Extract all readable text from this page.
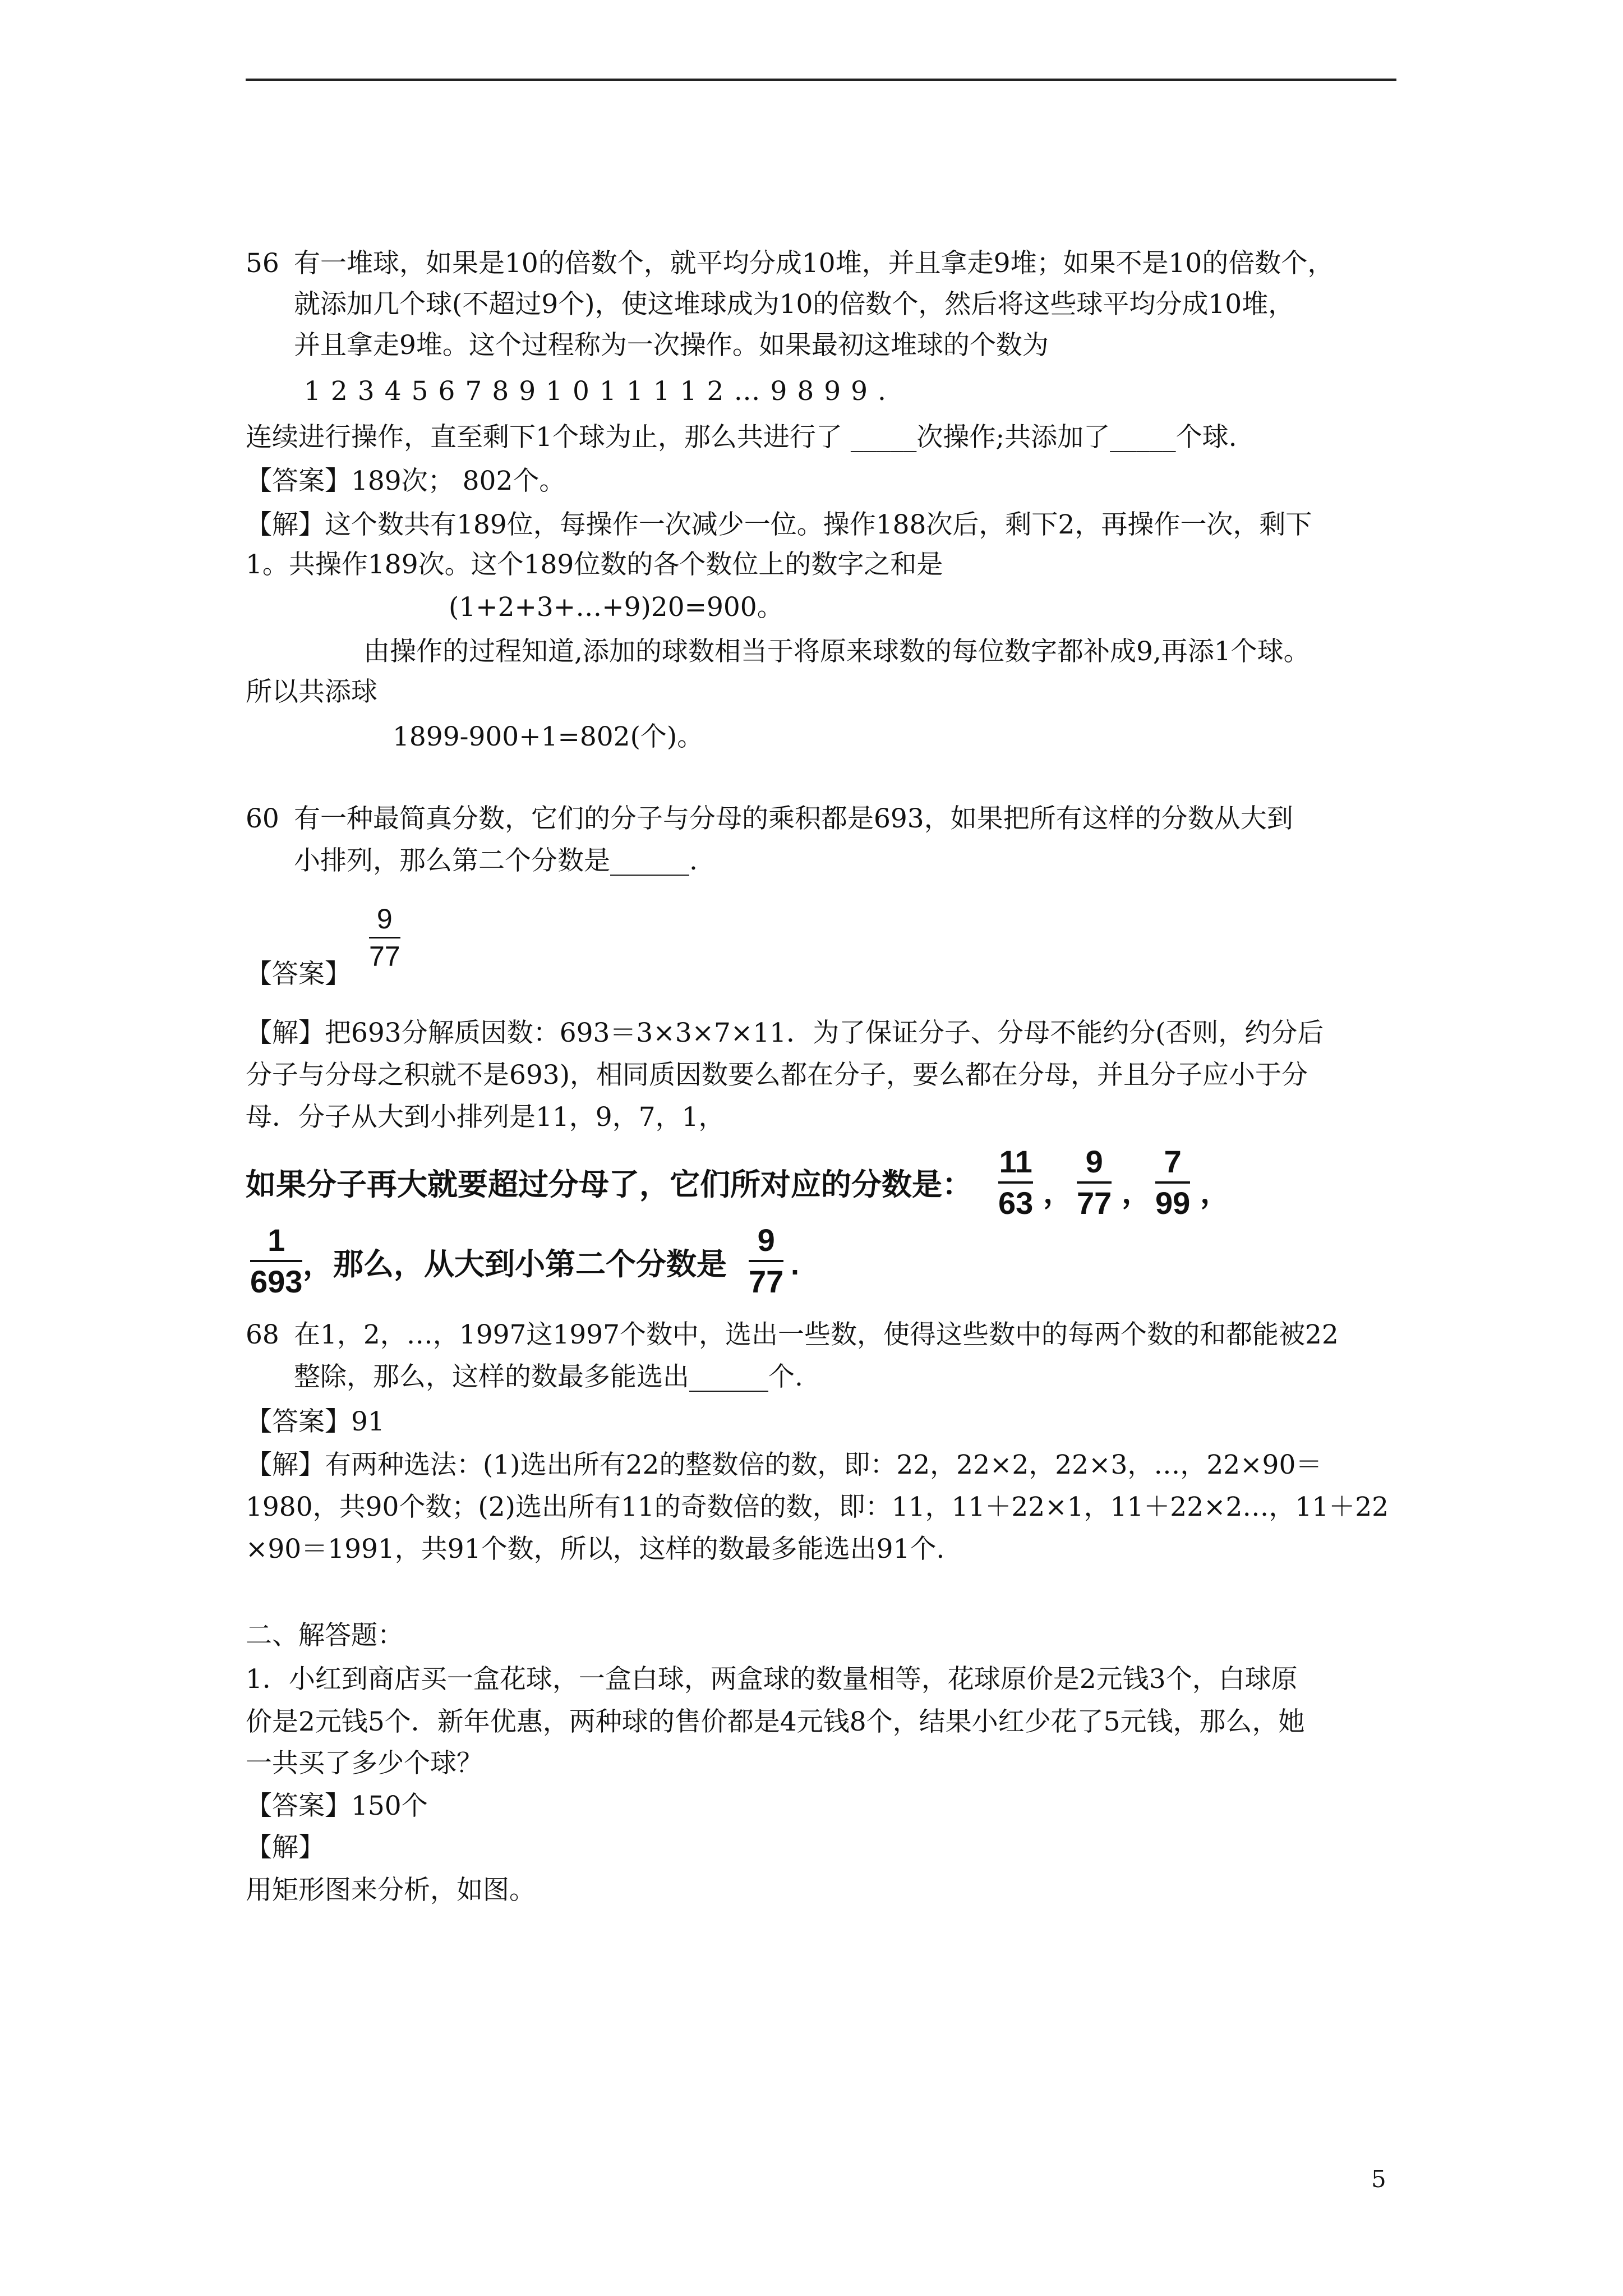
56 有一堆球，如果是10的倍数个，就平均分成10堆，并且拿走9堆；如果不是10的倍数个，
就添加几个球(不超过9个)，使这堆球成为10的倍数个，然后将这些球平均分成10堆，
并且拿走9堆。这个过程称为一次操作。如果最初这堆球的个数为
1234567891011112…9899.
连续进行操作，直至剩下1个球为止，那么共进行了 _____次操作;共添加了_____个球.
【答案】189次； 802个。
【解】这个数共有189位，每操作一次减少一位。操作188次后，剩下2，再操作一次，剩下
1。共操作189次。这个189位数的各个数位上的数字之和是
(1+2+3+…+9)20=900。
由操作的过程知道,添加的球数相当于将原来球数的每位数字都补成9,再添1个球。
所以共添球
1899-900+1=802(个)。
60 有一种最简真分数，它们的分子与分母的乘积都是693，如果把所有这样的分数从大到
小排列，那么第二个分数是______.
【答案】
9
77
【解】把693分解质因数：693＝3×3×7×11．为了保证分子、分母不能约分(否则，约分后
分子与分母之积就不是693)，相同质因数要么都在分子，要么都在分母，并且分子应小于分
母．分子从大到小排列是11，9，7，1，
如果分子再大就要超过分母了，它们所对应的分数是：
11
63 ，
9
77 ，
7
99 ，
1
693 ，那么，从大到小第二个分数是
9
77 .
68 在1，2，…，1997这1997个数中，选出一些数，使得这些数中的每两个数的和都能被22
整除，那么，这样的数最多能选出______个.
【答案】91
【解】有两种选法：(1)选出所有22的整数倍的数，即：22，22×2，22×3，…，22×90＝
1980，共90个数；(2)选出所有11的奇数倍的数，即：11，11＋22×1，11＋22×2…，11＋22
×90＝1991，共91个数，所以，这样的数最多能选出91个.
二、解答题：
1．小红到商店买一盒花球，一盒白球，两盒球的数量相等，花球原价是2元钱3个，白球原
价是2元钱5个．新年优惠，两种球的售价都是4元钱8个，结果小红少花了5元钱，那么，她
一共买了多少个球？
【答案】150个
【解】
用矩形图来分析，如图。
5
